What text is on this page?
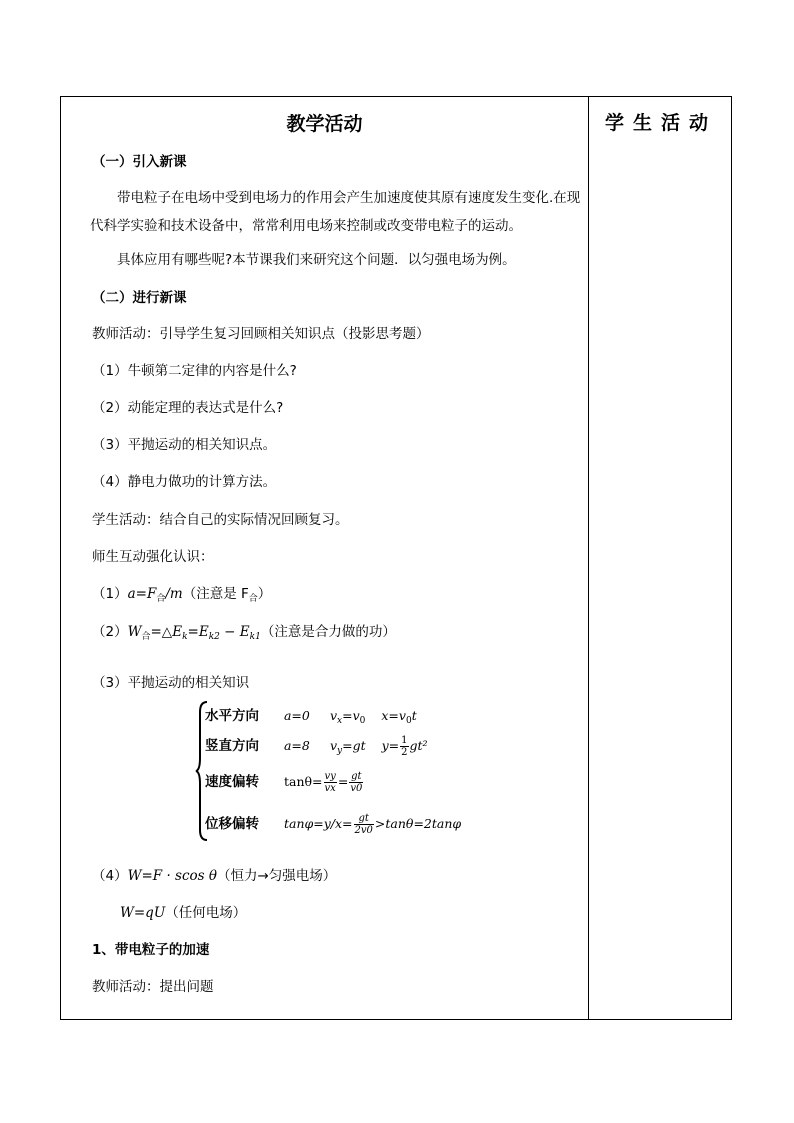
教学活动	学生活动
（一）引入新课
带电粒子在电场中受到电场力的作用会产生加速度使其原有速度发生变化.在现代科学实验和技术设备中，常常利用电场来控制或改变带电粒子的运动。
具体应用有哪些呢?本节课我们来研究这个问题．以匀强电场为例。
（二）进行新课
教师活动：引导学生复习回顾相关知识点（投影思考题）
（1）牛顿第二定律的内容是什么?
（2）动能定理的表达式是什么?
（3）平抛运动的相关知识点。
（4）静电力做功的计算方法。
学生活动：结合自己的实际情况回顾复习。
师生互动强化认识：
$(1)a=F_合/m$（注意是 $F_合$）
$(2)W_合=\triangle E_k=E_{k2} - E_{k1}$（注意是合力做的功）
（3）平抛运动的相关知识
水平方向 a=0 $v_x=v_0$ $x=v_0t$
竖直方向 a=8 $v_y=gt$ $y= \frac{1}{2} gt^2$
速度偏转 $\tan\theta= \frac{vy}{vx} = \frac{gt}{v0}$
位移偏转 $\tan\varphi=y/x= \frac{gt}{2v0} >\tan\theta=2\tan\varphi$
（4）W=F · scos θ（恒力→匀强电场）
W=qU（任何电场）
1、带电粒子的加速
教师活动：提出问题
